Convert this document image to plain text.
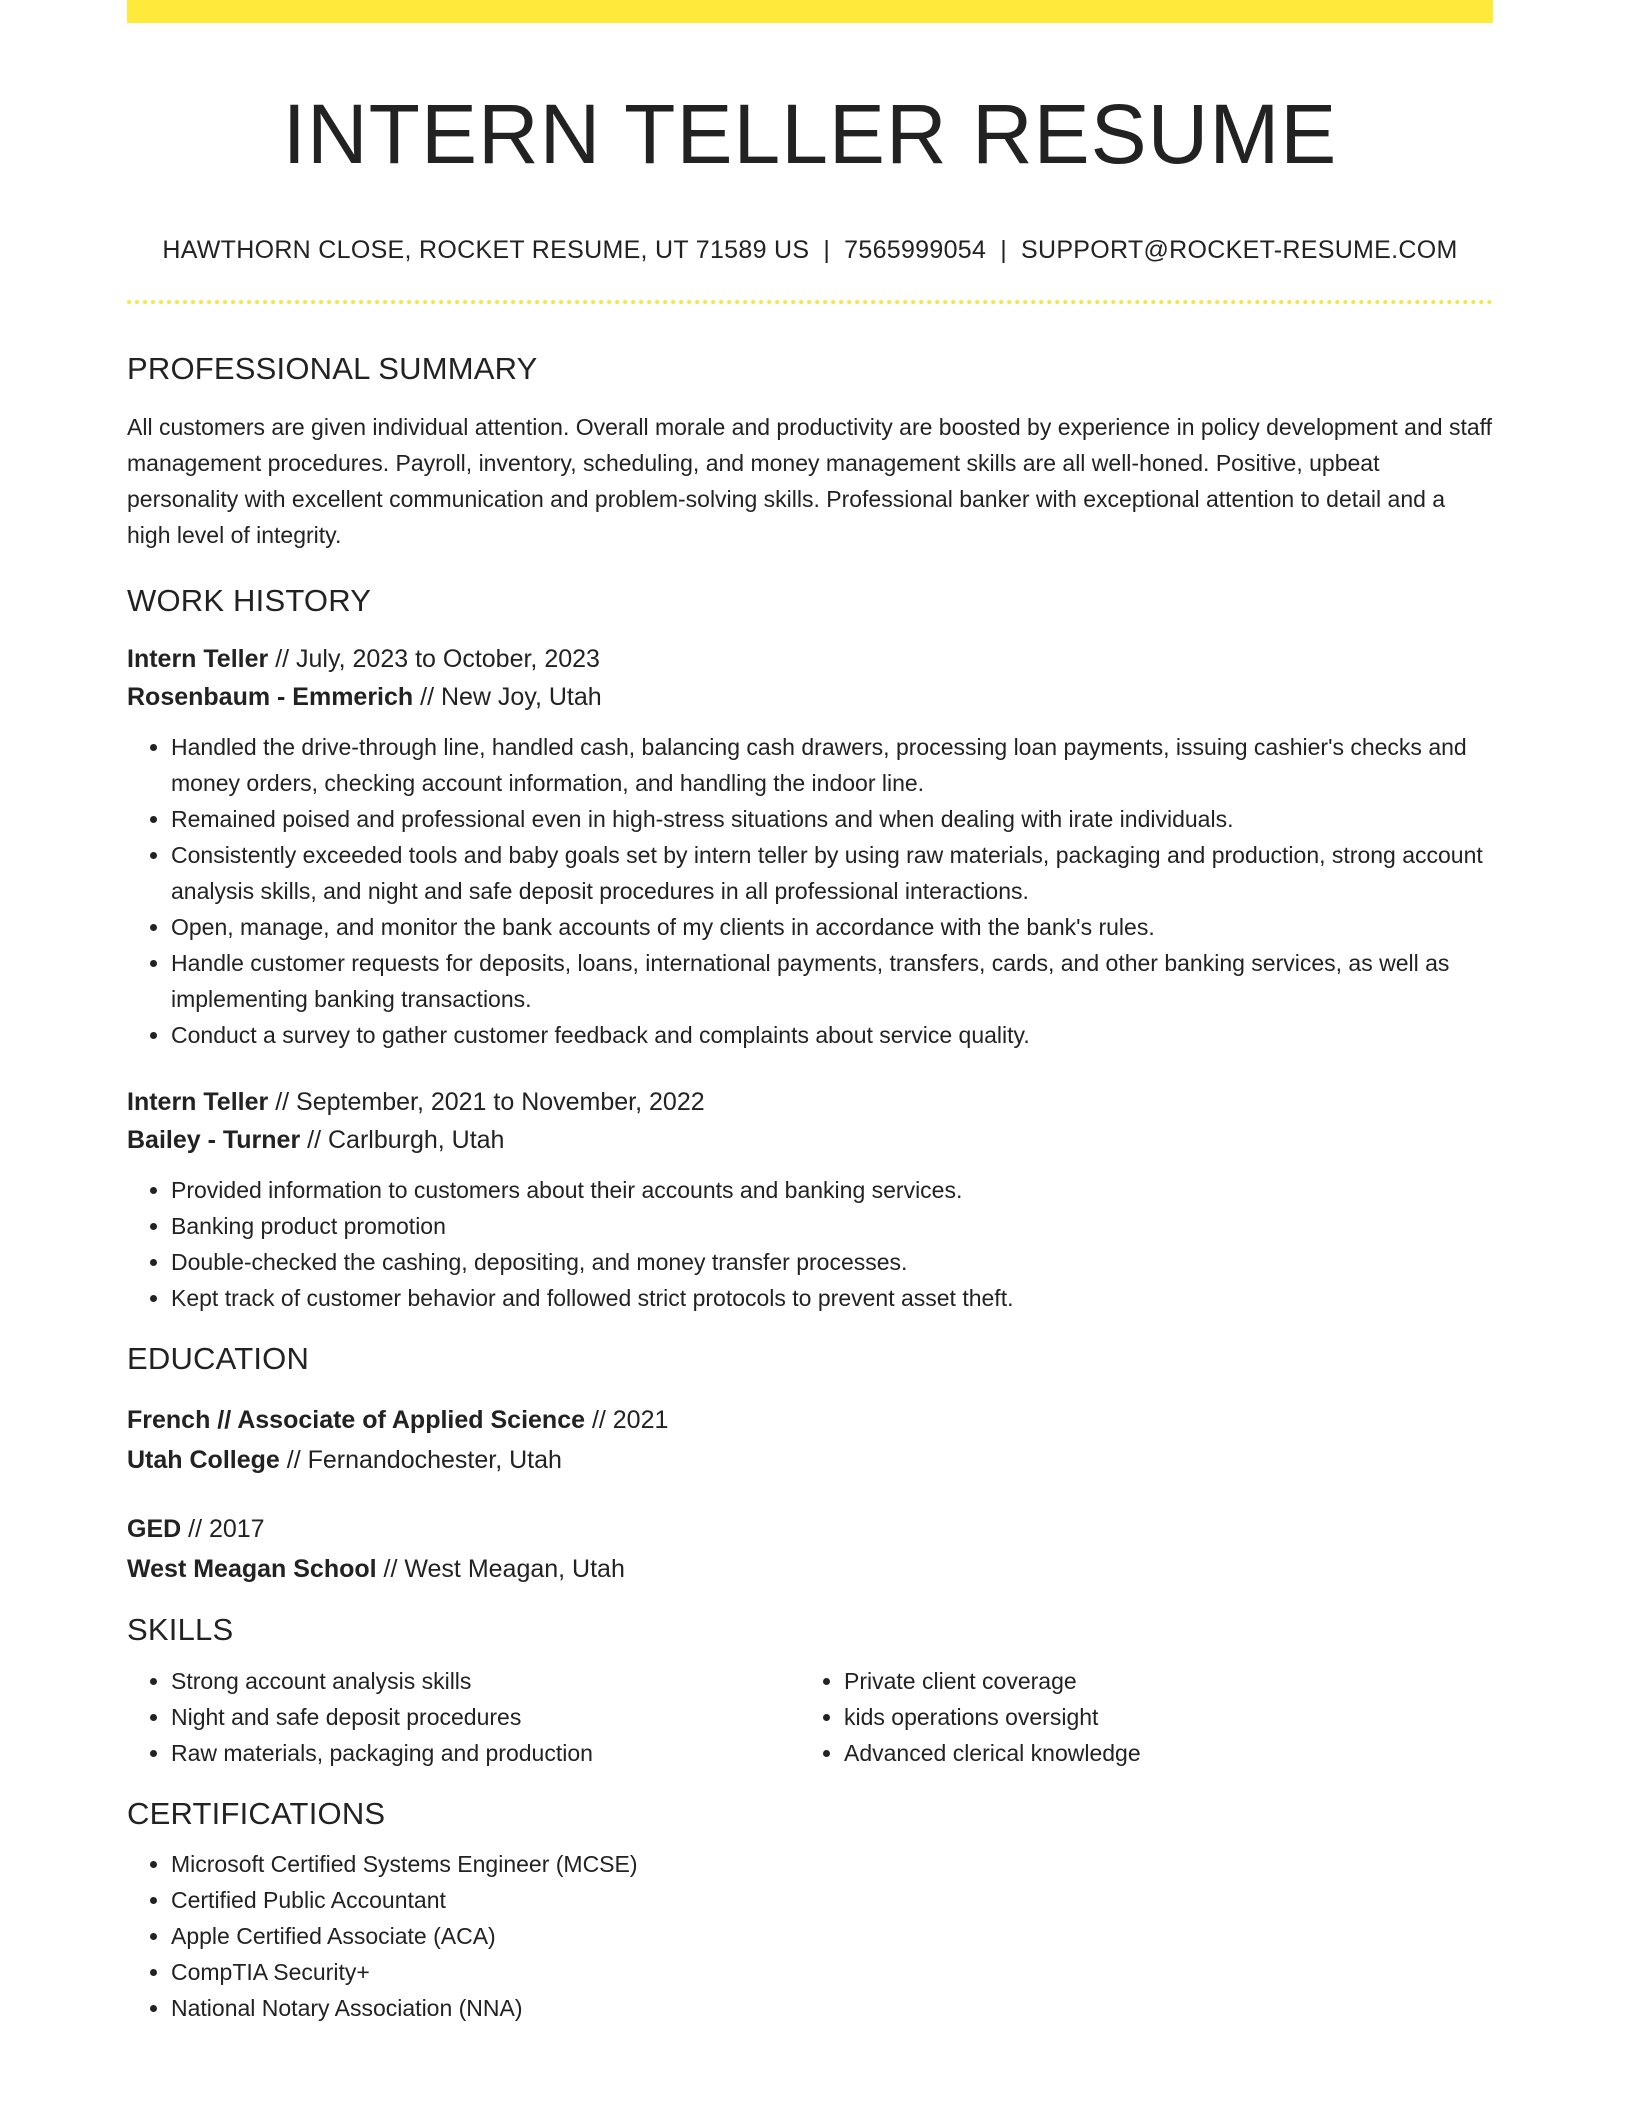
INTERN TELLER RESUME
HAWTHORN CLOSE, ROCKET RESUME, UT 71589 US | 7565999054 | SUPPORT@ROCKET-RESUME.COM
PROFESSIONAL SUMMARY
All customers are given individual attention. Overall morale and productivity are boosted by experience in policy development and staff management procedures. Payroll, inventory, scheduling, and money management skills are all well-honed. Positive, upbeat personality with excellent communication and problem-solving skills. Professional banker with exceptional attention to detail and a high level of integrity.
WORK HISTORY
Intern Teller // July, 2023 to October, 2023
Rosenbaum - Emmerich // New Joy, Utah
• Handled the drive-through line, handled cash, balancing cash drawers, processing loan payments, issuing cashier's checks and money orders, checking account information, and handling the indoor line.
• Remained poised and professional even in high-stress situations and when dealing with irate individuals.
• Consistently exceeded tools and baby goals set by intern teller by using raw materials, packaging and production, strong account analysis skills, and night and safe deposit procedures in all professional interactions.
• Open, manage, and monitor the bank accounts of my clients in accordance with the bank's rules.
• Handle customer requests for deposits, loans, international payments, transfers, cards, and other banking services, as well as implementing banking transactions.
• Conduct a survey to gather customer feedback and complaints about service quality.
Intern Teller // September, 2021 to November, 2022
Bailey - Turner // Carlburgh, Utah
• Provided information to customers about their accounts and banking services.
• Banking product promotion
• Double-checked the cashing, depositing, and money transfer processes.
• Kept track of customer behavior and followed strict protocols to prevent asset theft.
EDUCATION
French // Associate of Applied Science // 2021
Utah College // Fernandochester, Utah
GED // 2017
West Meagan School // West Meagan, Utah
SKILLS
• Strong account analysis skills
• Night and safe deposit procedures
• Raw materials, packaging and production
• Private client coverage
• kids operations oversight
• Advanced clerical knowledge
CERTIFICATIONS
• Microsoft Certified Systems Engineer (MCSE)
• Certified Public Accountant
• Apple Certified Associate (ACA)
• CompTIA Security+
• National Notary Association (NNA)
